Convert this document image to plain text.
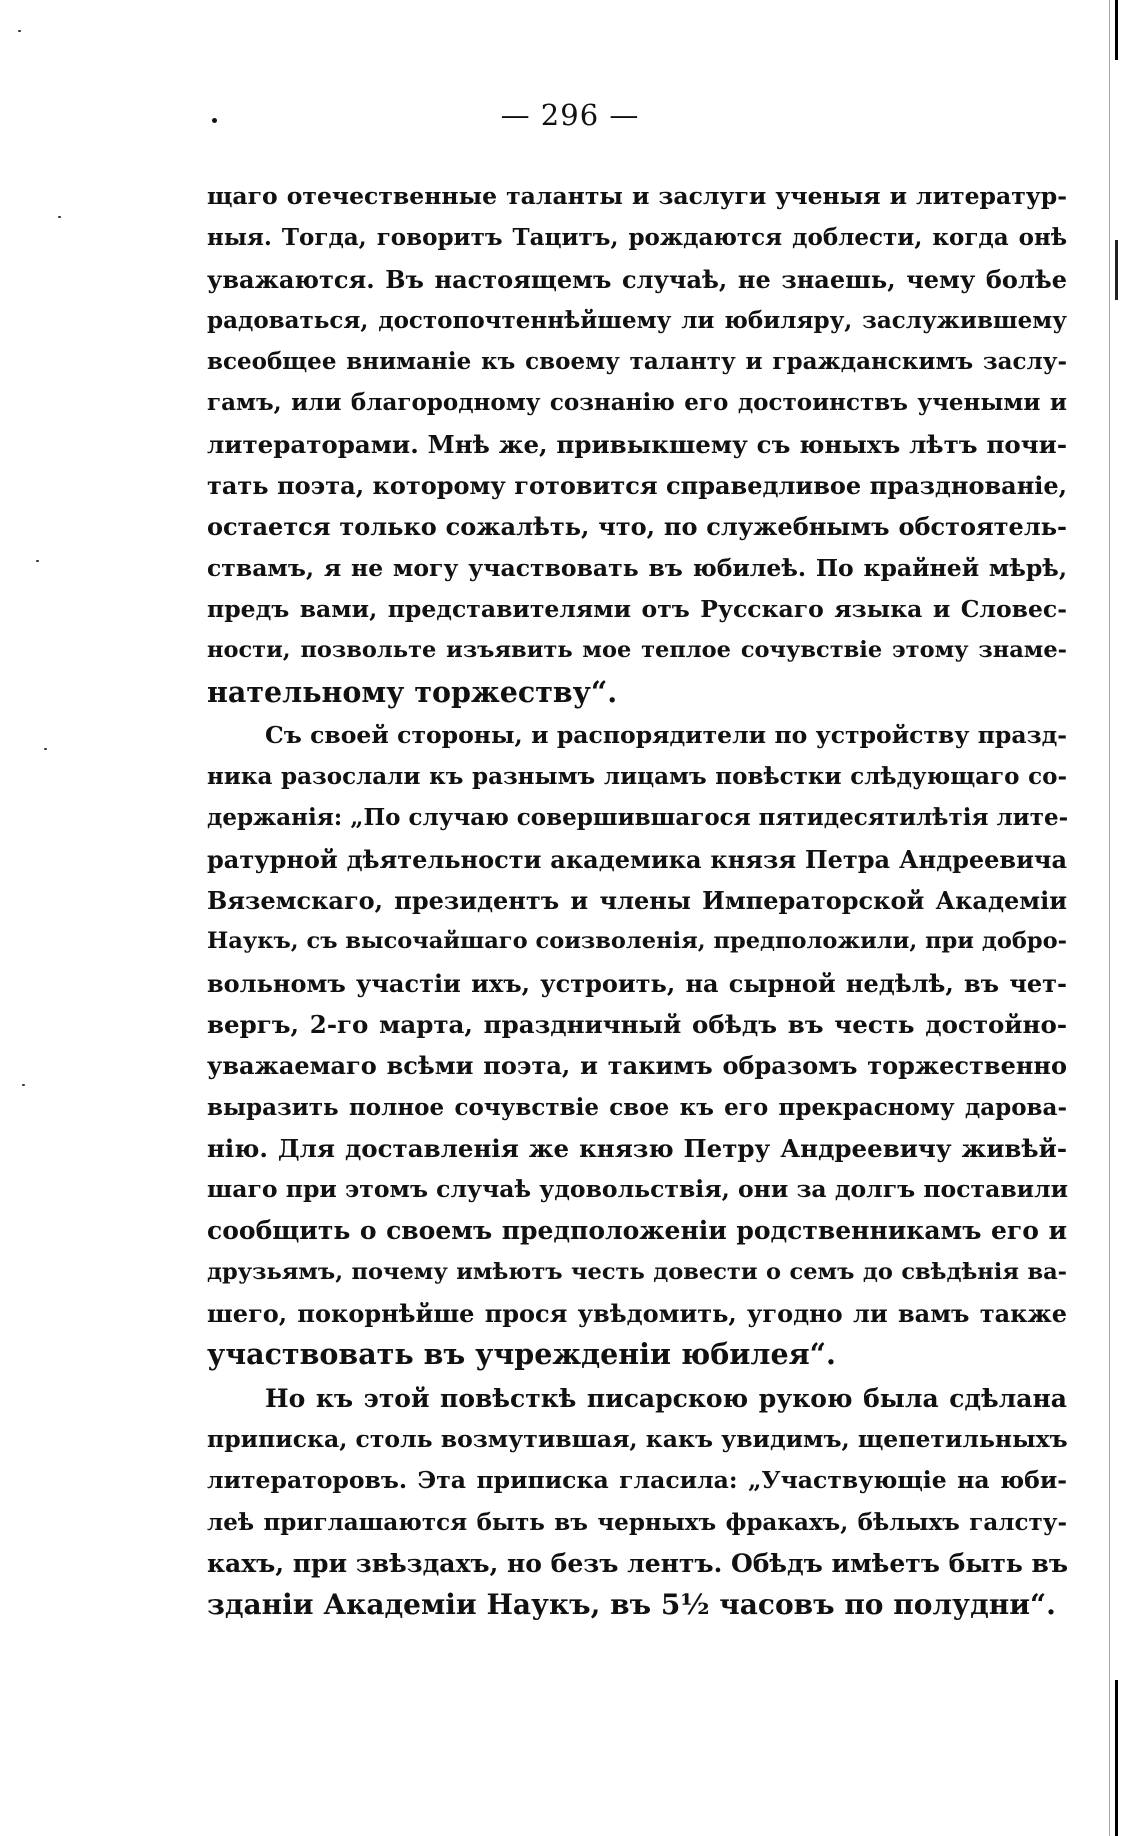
— 296 —
щаго отечественные таланты и заслуги ученыя и литератур-
ныя. Тогда, говоритъ Тацитъ, рождаются доблести, когда онѣ
уважаются. Въ настоящемъ случаѣ, не знаешь, чему болѣе
радоваться, достопочтеннѣйшему ли юбиляру, заслужившему
всеобщее вниманіе къ своему таланту и гражданскимъ заслу-
гамъ, или благородному сознанію его достоинствъ учеными и
литераторами. Мнѣ же, привыкшему съ юныхъ лѣтъ почи-
тать поэта, которому готовится справедливое празднованіе,
остается только сожалѣть, что, по служебнымъ обстоятель-
ствамъ, я не могу участвовать въ юбилеѣ. По крайней мѣрѣ,
предъ вами, представителями отъ Русскаго языка и Словес-
ности, позвольте изъявить мое теплое сочувствіе этому знаме-
нательному торжеству“.
Съ своей стороны, и распорядители по устройству празд-
ника разослали къ разнымъ лицамъ повѣстки слѣдующаго со-
держанія: „По случаю совершившагося пятидесятилѣтія лите-
ратурной дѣятельности академика князя Петра Андреевича
Вяземскаго, президентъ и члены Императорской Академіи
Наукъ, съ высочайшаго соизволенія, предположили, при добро-
вольномъ участіи ихъ, устроить, на сырной недѣлѣ, въ чет-
вергъ, 2-го марта, праздничный обѣдъ въ честь достойно-
уважаемаго всѣми поэта, и такимъ образомъ торжественно
выразить полное сочувствіе свое къ его прекрасному дарова-
нію. Для доставленія же князю Петру Андреевичу живѣй-
шаго при этомъ случаѣ удовольствія, они за долгъ поставили
сообщить о своемъ предположеніи родственникамъ его и
друзьямъ, почему имѣютъ честь довести о семъ до свѣдѣнія ва-
шего, покорнѣйше прося увѣдомить, угодно ли вамъ также
участвовать въ учрежденіи юбилея“.
Но къ этой повѣсткѣ писарскою рукою была сдѣлана
приписка, столь возмутившая, какъ увидимъ, щепетильныхъ
литераторовъ. Эта приписка гласила: „Участвующіе на юби-
леѣ приглашаются быть въ черныхъ фракахъ, бѣлыхъ галсту-
кахъ, при звѣздахъ, но безъ лентъ. Обѣдъ имѣетъ быть въ
зданіи Академіи Наукъ, въ 5½ часовъ по полудни“.
